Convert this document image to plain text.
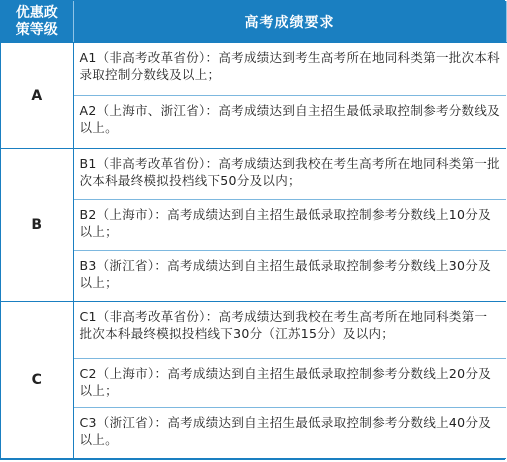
优惠政
策等级	高考成绩要求
A	A1（非高考改革省份）：高考成绩达到考生高考所在地同科类第一批次本科录取控制分数线及以上；
	A2（上海市、浙江省）：高考成绩达到自主招生最低录取控制参考分数线及以上。
B	B1（非高考改革省份）：高考成绩达到我校在考生高考所在地同科类第一批次本科最终模拟投档线下50分及以内；
	B2（上海市）：高考成绩达到自主招生最低录取控制参考分数线上10分及以上；
	B3（浙江省）：高考成绩达到自主招生最低录取控制参考分数线上30分及以上；
C	C1（非高考改革省份）：高考成绩达到我校在考生高考所在地同科类第一批次本科最终模拟投档线下30分（江苏15分）及以内；
	C2（上海市）：高考成绩达到自主招生最低录取控制参考分数线上20分及以上；
	C3（浙江省）：高考成绩达到自主招生最低录取控制参考分数线上40分及以上。
